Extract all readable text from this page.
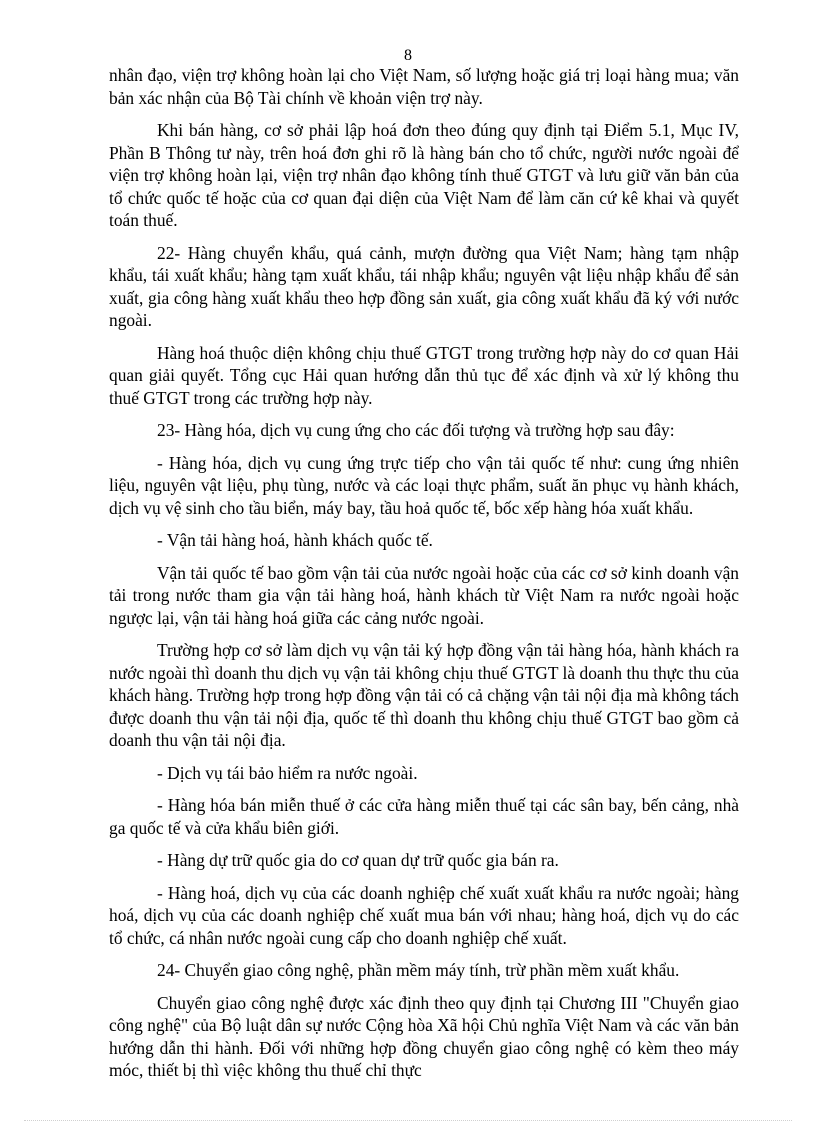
8

nhân đạo, viện trợ không hoàn lại cho Việt Nam, số lượng hoặc giá trị loại hàng mua; văn bản xác nhận của Bộ Tài chính về khoản viện trợ này.

Khi bán hàng, cơ sở phải lập hoá đơn theo đúng quy định tại Điểm 5.1, Mục IV, Phần B Thông tư này, trên hoá đơn ghi rõ là hàng bán cho tổ chức, người nước ngoài để viện trợ không hoàn lại, viện trợ nhân đạo không tính thuế GTGT và lưu giữ văn bản của tổ chức quốc tế hoặc của cơ quan đại diện của Việt Nam để làm căn cứ kê khai và quyết toán thuế.

22- Hàng chuyển khẩu, quá cảnh, mượn đường qua Việt Nam; hàng tạm nhập khẩu, tái xuất khẩu; hàng tạm xuất khẩu, tái nhập khẩu; nguyên vật liệu nhập khẩu để sản xuất, gia công hàng xuất khẩu theo hợp đồng sản xuất, gia công xuất khẩu đã ký với nước ngoài.

Hàng hoá thuộc diện không chịu thuế GTGT trong trường hợp này do cơ quan Hải quan giải quyết. Tổng cục Hải quan hướng dẫn thủ tục để xác định và xử lý không thu thuế GTGT trong các trường hợp này.

23- Hàng hóa, dịch vụ cung ứng cho các đối tượng và trường hợp sau đây:

- Hàng hóa, dịch vụ cung ứng trực tiếp cho vận tải quốc tế như: cung ứng nhiên liệu, nguyên vật liệu, phụ tùng, nước và các loại thực phẩm, suất ăn phục vụ hành khách, dịch vụ vệ sinh cho tầu biển, máy bay, tầu hoả quốc tế, bốc xếp hàng hóa xuất khẩu.

- Vận tải hàng hoá, hành khách quốc tế.

Vận tải quốc tế bao gồm vận tải của nước ngoài hoặc của các cơ sở kinh doanh vận tải trong nước tham gia vận tải hàng hoá, hành khách từ Việt Nam ra nước ngoài hoặc ngược lại, vận tải hàng hoá giữa các cảng nước ngoài.

Trường hợp cơ sở làm dịch vụ vận tải ký hợp đồng vận tải hàng hóa, hành khách ra nước ngoài thì doanh thu dịch vụ vận tải không chịu thuế GTGT là doanh thu thực thu của khách hàng. Trường hợp trong hợp đồng vận tải có cả chặng vận tải nội địa mà không tách được doanh thu vận tải nội địa, quốc tế thì doanh thu không chịu thuế GTGT bao gồm cả doanh thu vận tải nội địa.

- Dịch vụ tái bảo hiểm ra nước ngoài.

- Hàng hóa bán miễn thuế ở các cửa hàng miễn thuế tại các sân bay, bến cảng, nhà ga quốc tế và cửa khẩu biên giới.

- Hàng dự trữ quốc gia do cơ quan dự trữ quốc gia bán ra.

- Hàng hoá, dịch vụ của các doanh nghiệp chế xuất xuất khẩu ra nước ngoài; hàng hoá, dịch vụ của các doanh nghiệp chế xuất mua bán với nhau; hàng hoá, dịch vụ do các tổ chức, cá nhân nước ngoài cung cấp cho doanh nghiệp chế xuất.

24- Chuyển giao công nghệ, phần mềm máy tính, trừ phần mềm xuất khẩu.

Chuyển giao công nghệ được xác định theo quy định tại Chương III "Chuyển giao công nghệ" của Bộ luật dân sự nước Cộng hòa Xã hội Chủ nghĩa Việt Nam và các văn bản hướng dẫn thi hành. Đối với những hợp đồng chuyển giao công nghệ có kèm theo máy móc, thiết bị thì việc không thu thuế chỉ thực
